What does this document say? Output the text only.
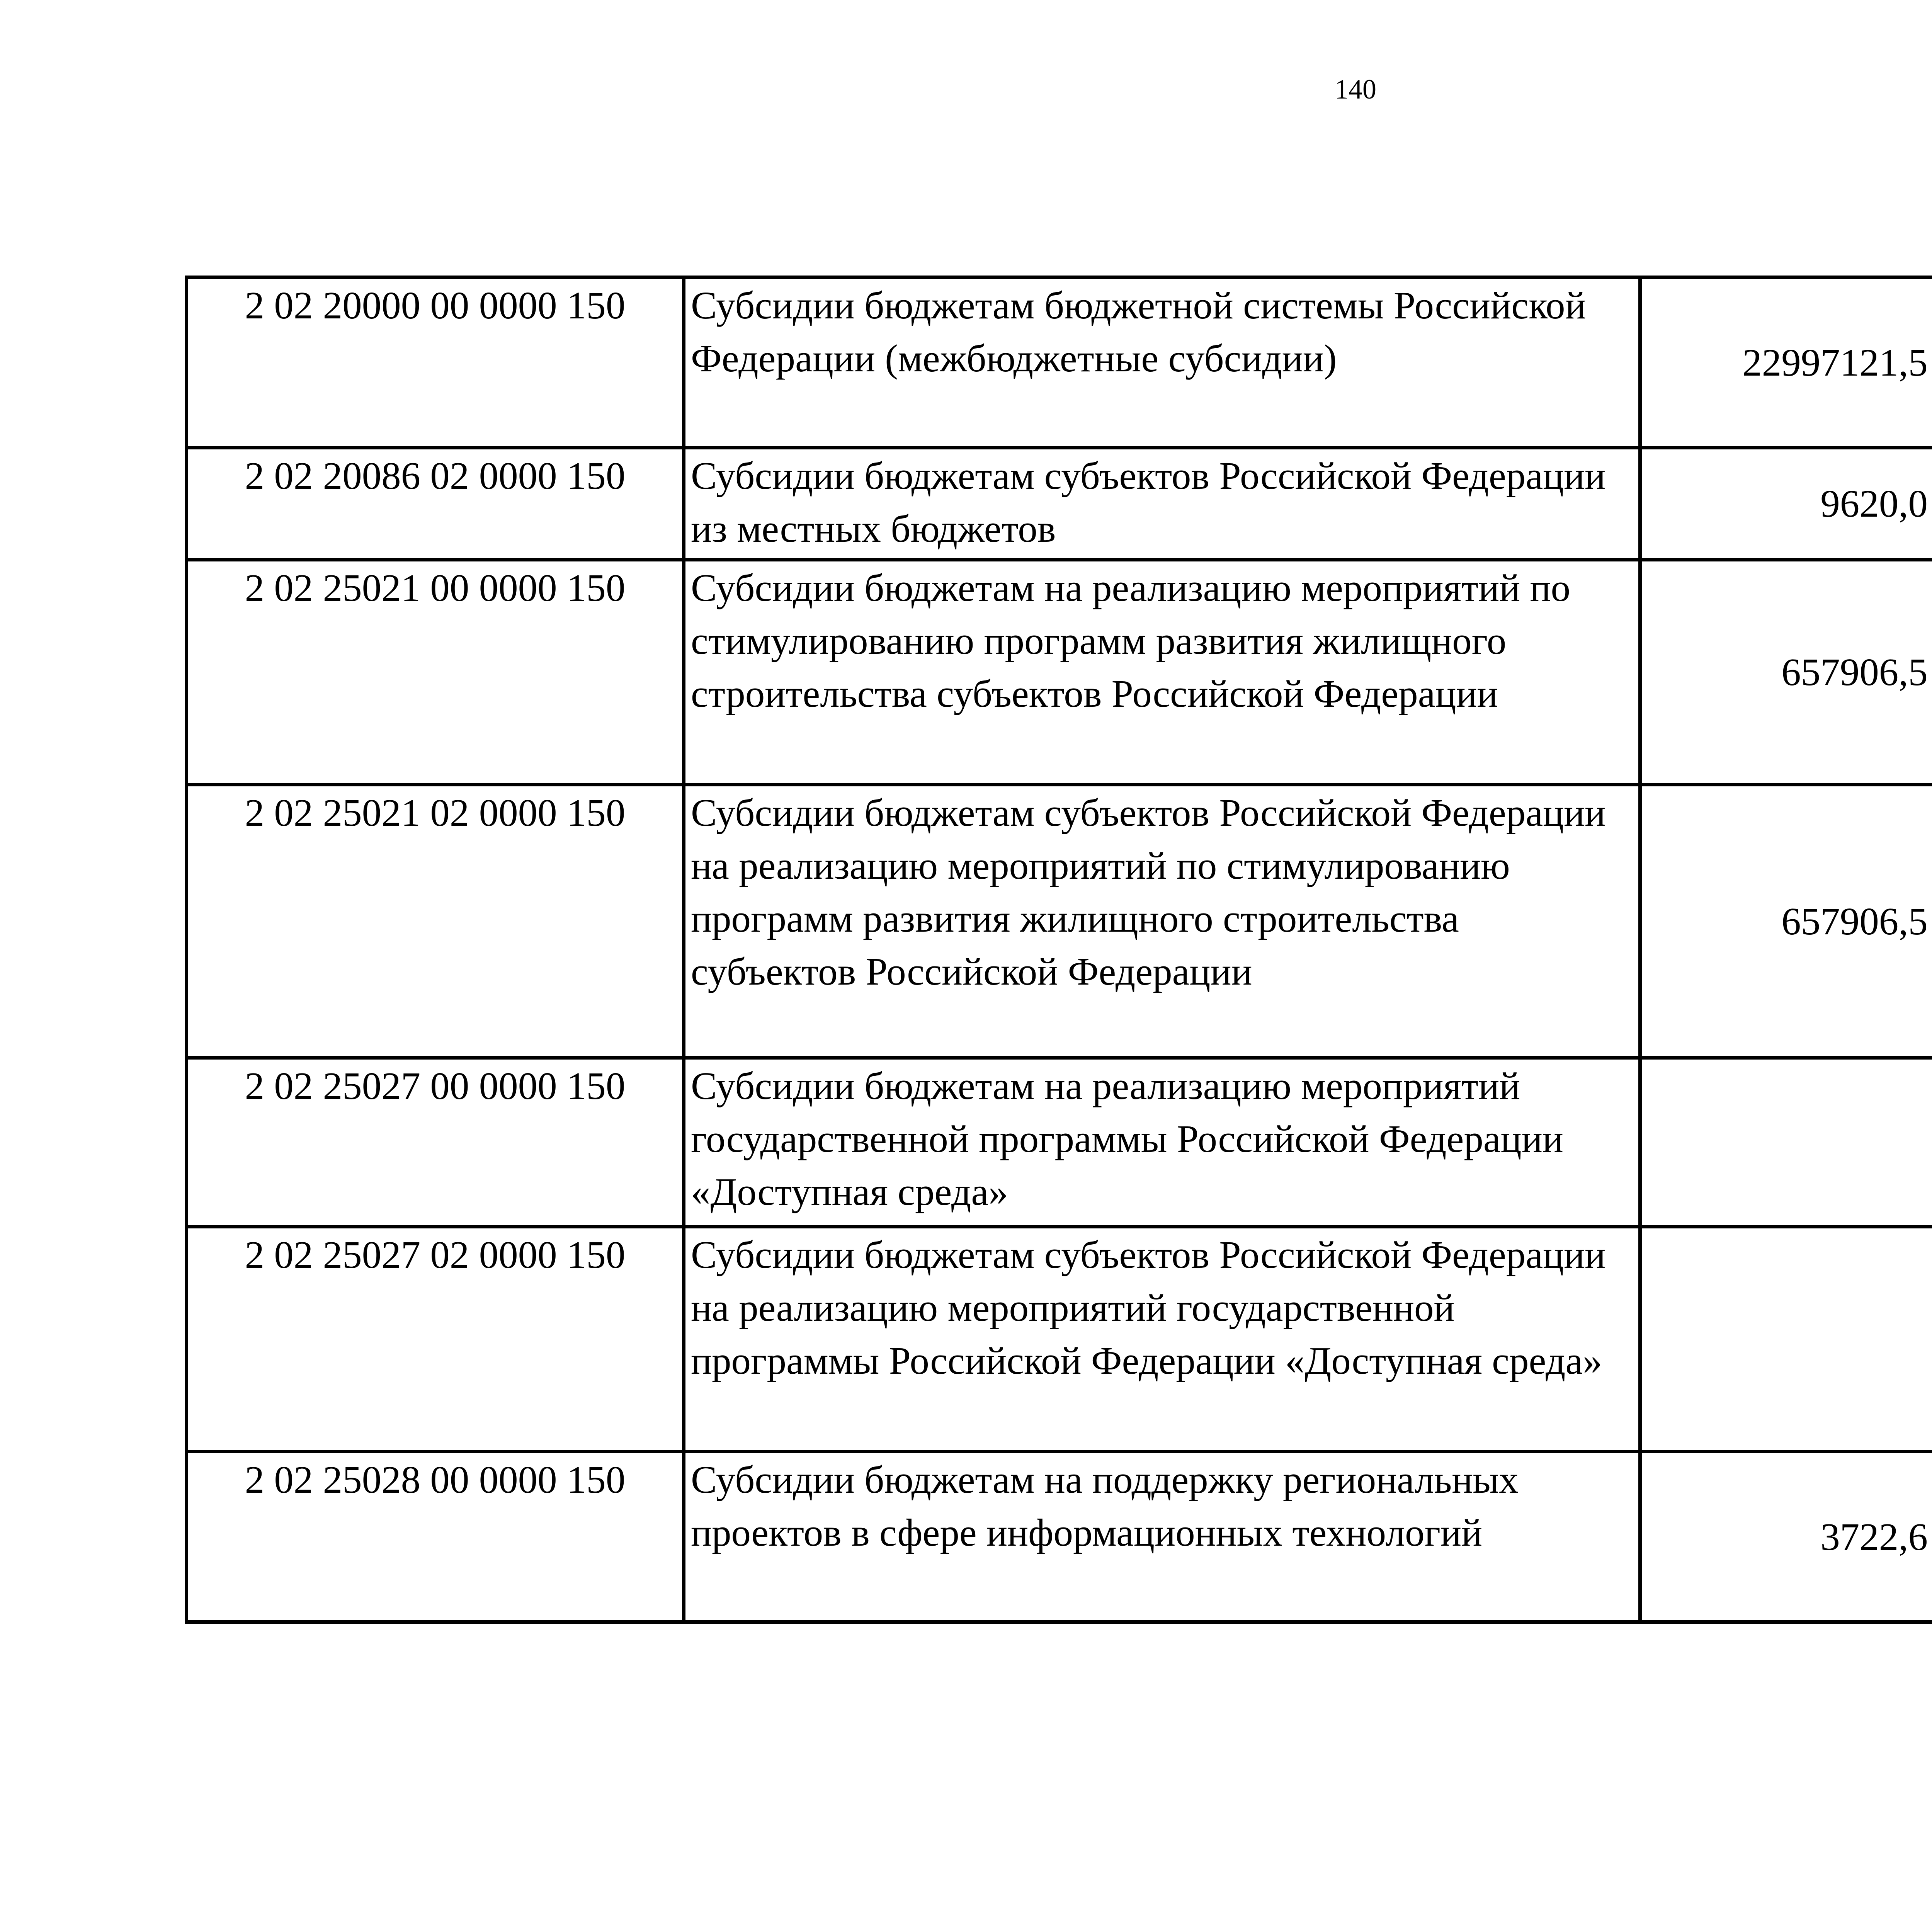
140
2 02 20000 00 0000 150	Субсидии бюджетам бюджетной системы Российской Федерации (межбюджетные субсидии)	22997121,5		
2 02 20086 02 0000 150	Субсидии бюджетам субъектов Российской Федерации из местных бюджетов	9620,0		
2 02 25021 00 0000 150	Субсидии бюджетам на реализацию мероприятий по стимулированию программ развития жилищного строительства субъектов Российской Федерации	657906,5		
2 02 25021 02 0000 150	Субсидии бюджетам субъектов Российской Федерации на реализацию мероприятий по стимулированию программ развития жилищного строительства субъектов Российской Федерации	657906,5		
2 02 25027 00 0000 150	Субсидии бюджетам на реализацию мероприятий государственной программы Российской Федерации «Доступная среда»			
2 02 25027 02 0000 150	Субсидии бюджетам субъектов Российской Федерации на реализацию мероприятий государственной программы Российской Федерации «Доступная среда»			
2 02 25028 00 0000 150	Субсидии бюджетам на поддержку региональных проектов в сфере информационных технологий	3722,6		
